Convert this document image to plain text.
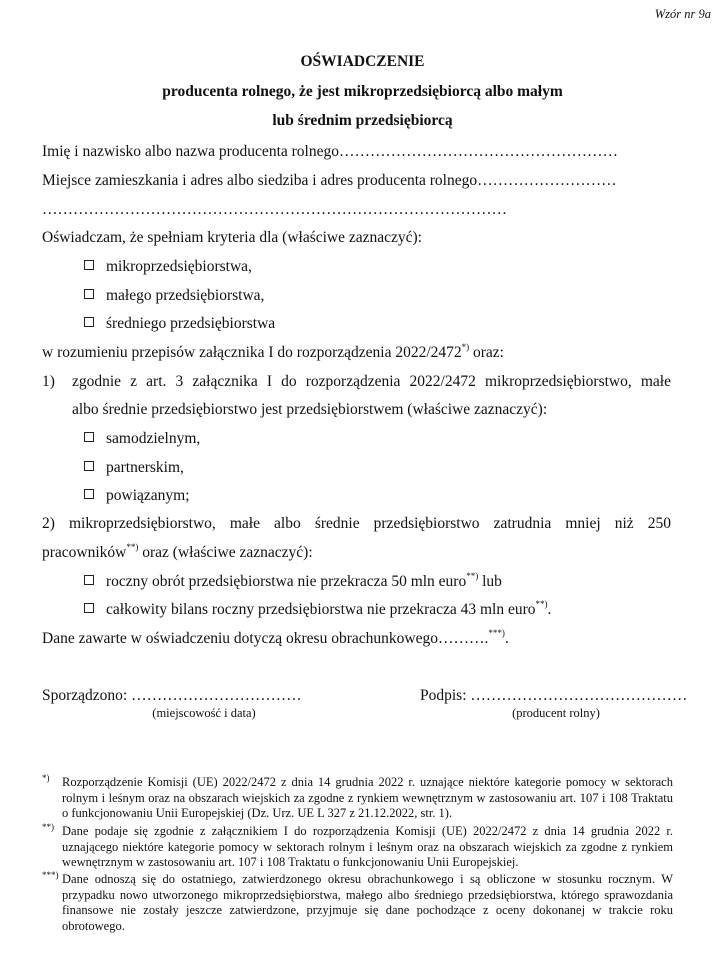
Wzór nr 9a
OŚWIADCZENIE
producenta rolnego, że jest mikroprzedsiębiorcą albo małym
lub średnim przedsiębiorcą
Imię i nazwisko albo nazwa producenta rolnego………………………………………………
Miejsce zamieszkania i adres albo siedziba i adres producenta rolnego………………………
………………………………………………………………………………
Oświadczam, że spełniam kryteria dla (właściwe zaznaczyć):
mikroprzedsiębiorstwa,
małego przedsiębiorstwa,
średniego przedsiębiorstwa
w rozumieniu przepisów załącznika I do rozporządzenia 2022/2472*) oraz:
1) zgodnie z art. 3 załącznika I do rozporządzenia 2022/2472 mikroprzedsiębiorstwo, małe
albo średnie przedsiębiorstwo jest przedsiębiorstwem (właściwe zaznaczyć):
samodzielnym,
partnerskim,
powiązanym;
2) mikroprzedsiębiorstwo, małe albo średnie przedsiębiorstwo zatrudnia mniej niż 250
pracowników**) oraz (właściwe zaznaczyć):
roczny obrót przedsiębiorstwa nie przekracza 50 mln euro**) lub
całkowity bilans roczny przedsiębiorstwa nie przekracza 43 mln euro**).
Dane zawarte w oświadczeniu dotyczą okresu obrachunkowego……….***).
Sporządzono: ……………………………
(miejscowość i data)
Podpis: ……………………………………
(producent rolny)
*) Rozporządzenie Komisji (UE) 2022/2472 z dnia 14 grudnia 2022 r. uznające niektóre kategorie pomocy w sektorach rolnym i leśnym oraz na obszarach wiejskich za zgodne z rynkiem wewnętrznym w zastosowaniu art. 107 i 108 Traktatu o funkcjonowaniu Unii Europejskiej (Dz. Urz. UE L 327 z 21.12.2022, str. 1).
**) Dane podaje się zgodnie z załącznikiem I do rozporządzenia Komisji (UE) 2022/2472 z dnia 14 grudnia 2022 r. uznającego niektóre kategorie pomocy w sektorach rolnym i leśnym oraz na obszarach wiejskich za zgodne z rynkiem wewnętrznym w zastosowaniu art. 107 i 108 Traktatu o funkcjonowaniu Unii Europejskiej.
***) Dane odnoszą się do ostatniego, zatwierdzonego okresu obrachunkowego i są obliczone w stosunku rocznym. W przypadku nowo utworzonego mikroprzedsiębiorstwa, małego albo średniego przedsiębiorstwa, którego sprawozdania finansowe nie zostały jeszcze zatwierdzone, przyjmuje się dane pochodzące z oceny dokonanej w trakcie roku obrotowego.
